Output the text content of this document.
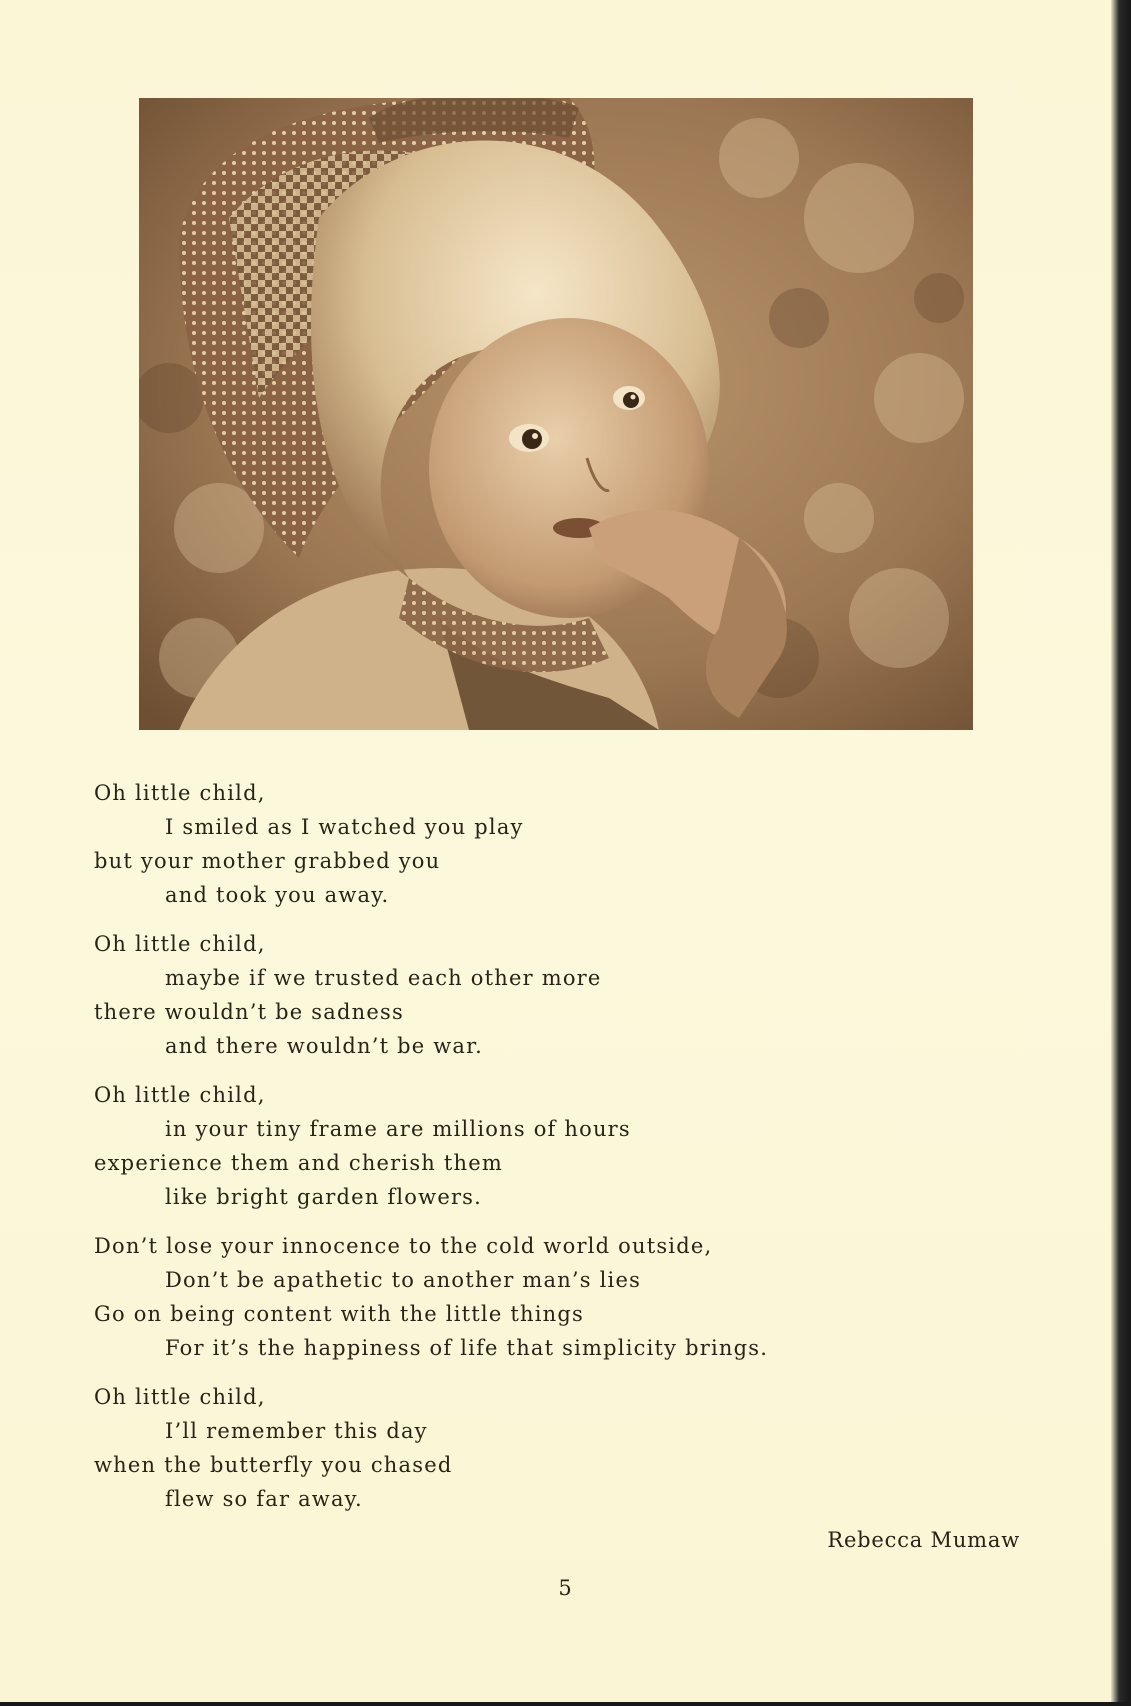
Oh little child,
I smiled as I watched you play
but your mother grabbed you
and took you away.
Oh little child,
maybe if we trusted each other more
there wouldn’t be sadness
and there wouldn’t be war.
Oh little child,
in your tiny frame are millions of hours
experience them and cherish them
like bright garden flowers.
Don’t lose your innocence to the cold world outside,
Don’t be apathetic to another man’s lies
Go on being content with the little things
For it’s the happiness of life that simplicity brings.
Oh little child,
I’ll remember this day
when the butterfly you chased
flew so far away.
Rebecca Mumaw
5
